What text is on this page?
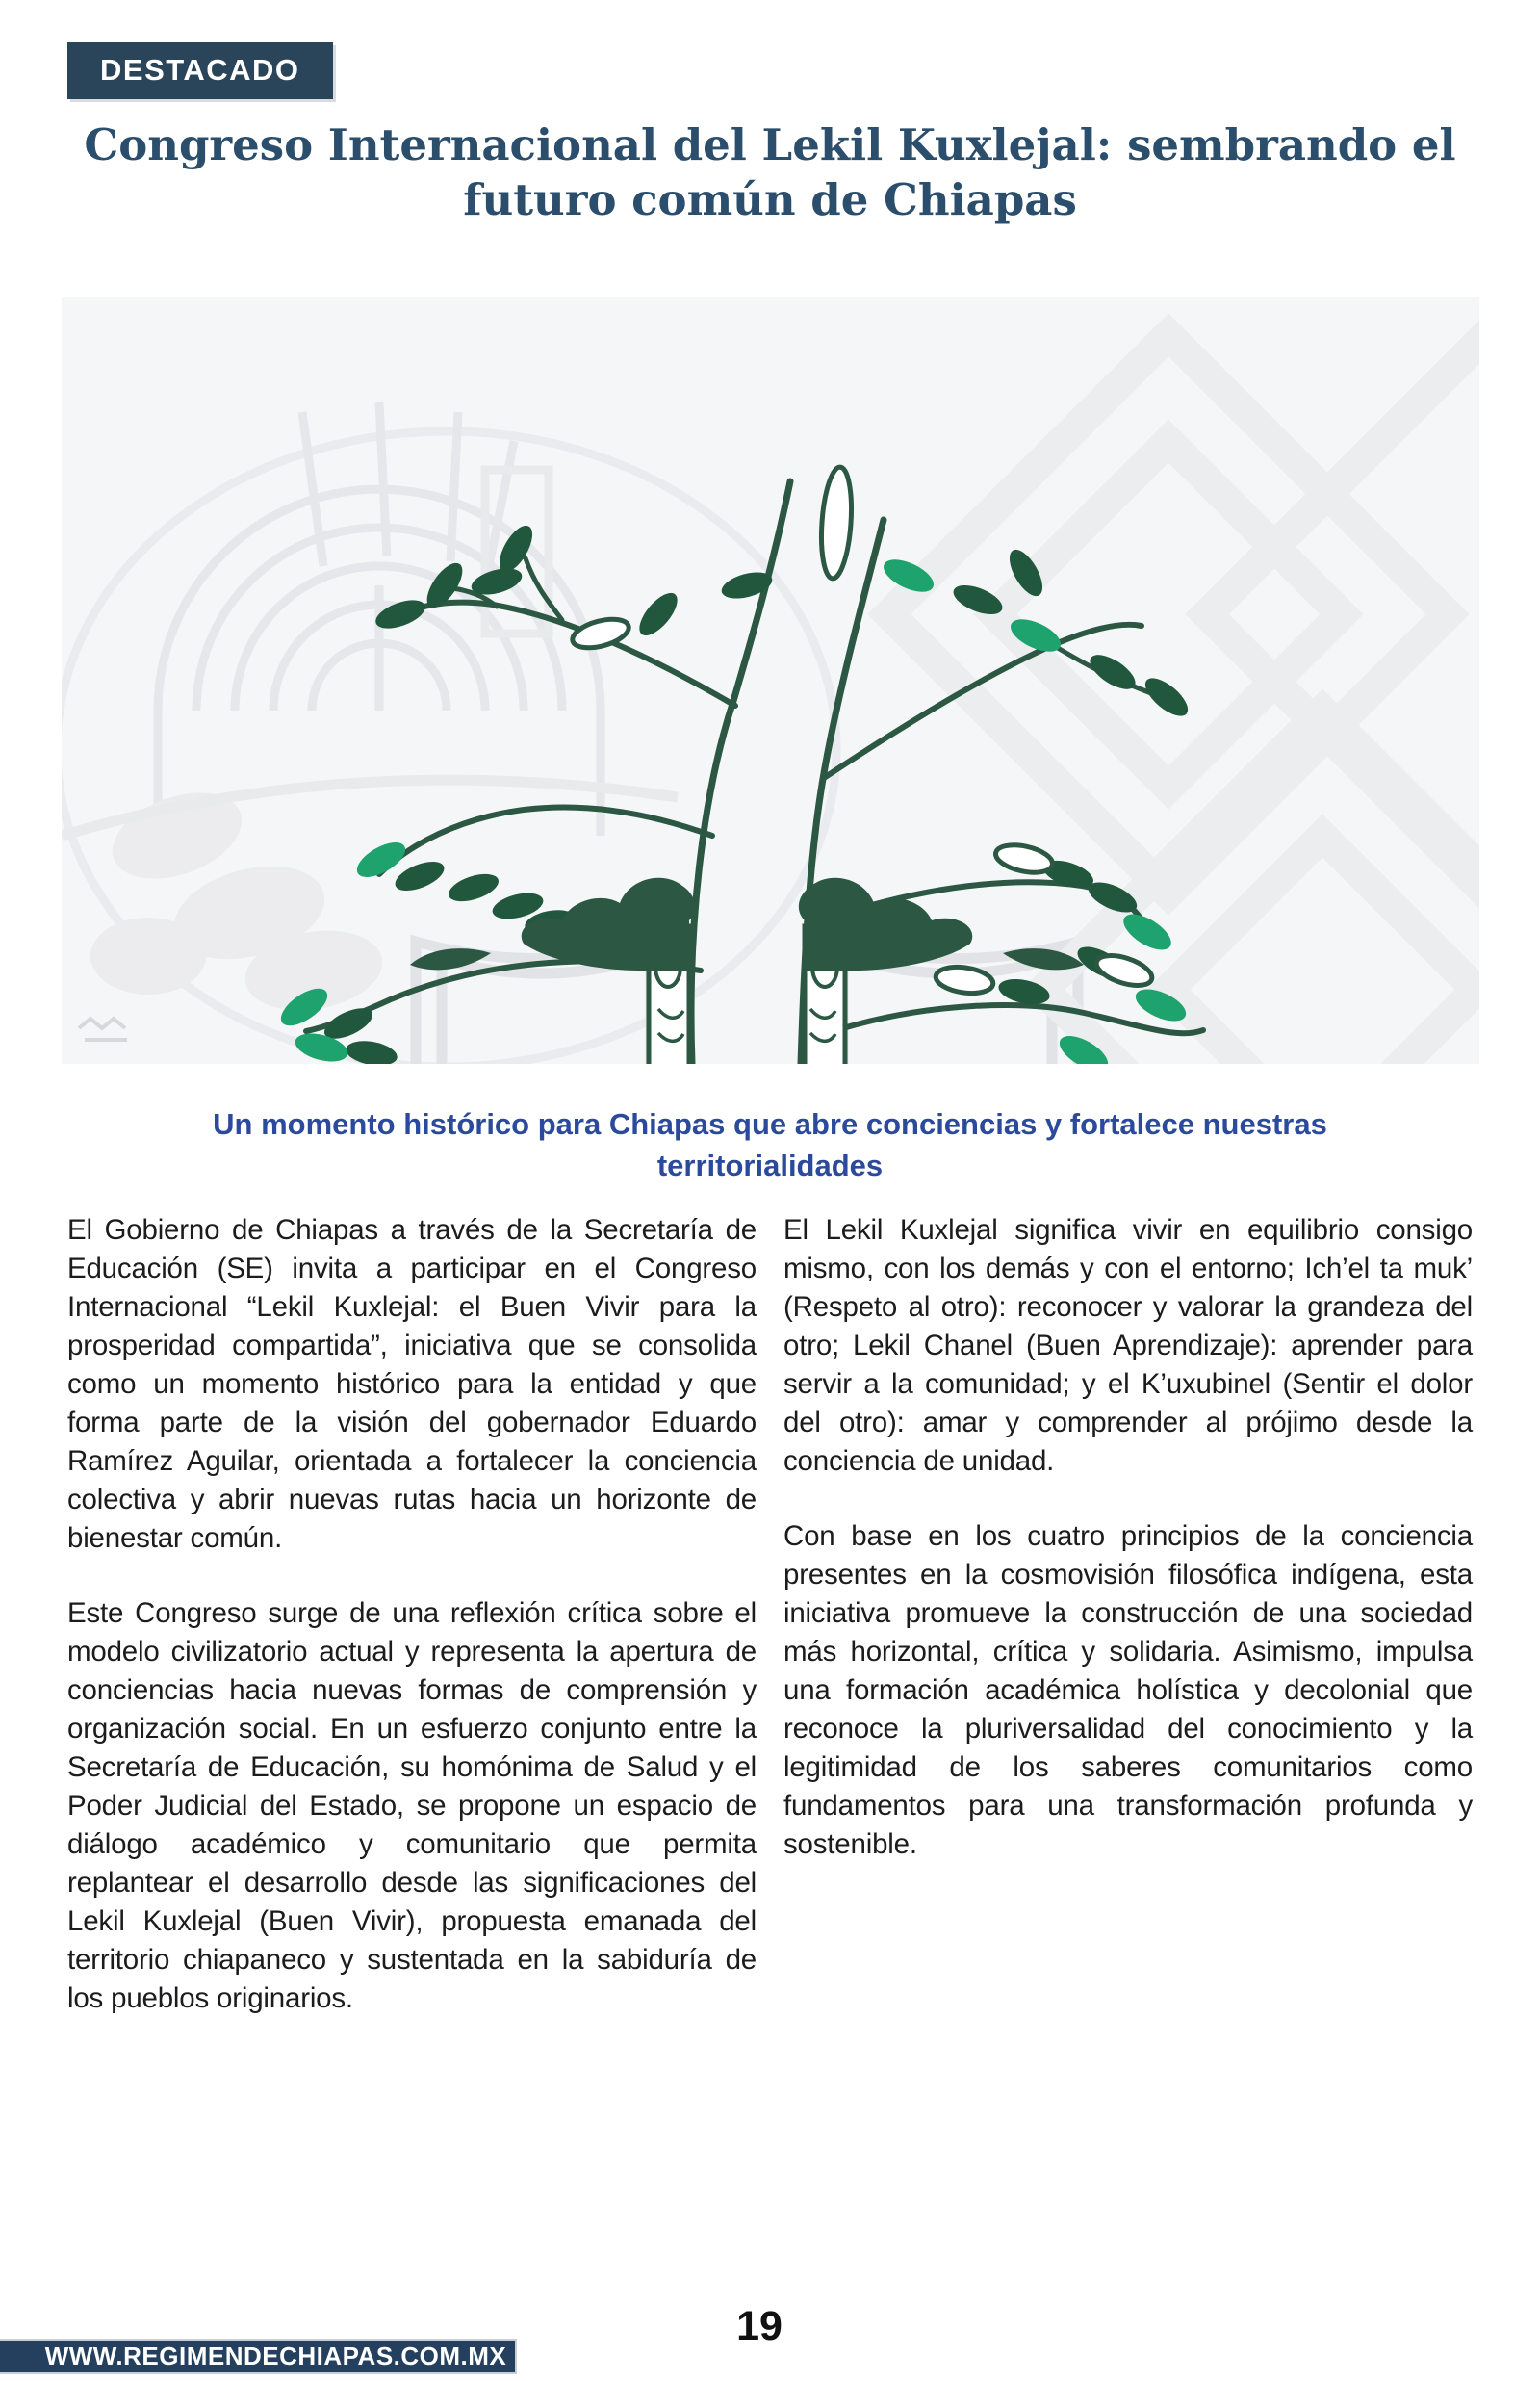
DESTACADO
Congreso Internacional del Lekil Kuxlejal: sembrando el
futuro común de Chiapas
Un momento histórico para Chiapas que abre conciencias y fortalece nuestras
territorialidades

El Gobierno de Chiapas a través de la Secretaría de Educación (SE) invita a participar en el Congreso Internacional “Lekil Kuxlejal: el Buen Vivir para la prosperidad compartida”, iniciativa que se consolida como un momento histórico para la entidad y que forma parte de la visión del gobernador Eduardo Ramírez Aguilar, orientada a fortalecer la conciencia colectiva y abrir nuevas rutas hacia un horizonte de bienestar común.

Este Congreso surge de una reflexión crítica sobre el modelo civilizatorio actual y representa la apertura de conciencias hacia nuevas formas de comprensión y organización social. En un esfuerzo conjunto entre la Secretaría de Educación, su homónima de Salud y el Poder Judicial del Estado, se propone un espacio de diálogo académico y comunitario que permita replantear el desarrollo desde las significaciones del Lekil Kuxlejal (Buen Vivir), propuesta emanada del territorio chiapaneco y sustentada en la sabiduría de los pueblos originarios.

El Lekil Kuxlejal significa vivir en equilibrio consigo mismo, con los demás y con el entorno; Ich’el ta muk’ (Respeto al otro): reconocer y valorar la grandeza del otro; Lekil Chanel (Buen Aprendizaje): aprender para servir a la comunidad; y el K’uxubinel (Sentir el dolor del otro): amar y comprender al prójimo desde la conciencia de unidad.

Con base en los cuatro principios de la conciencia presentes en la cosmovisión filosófica indígena, esta iniciativa promueve la construcción de una sociedad más horizontal, crítica y solidaria. Asimismo, impulsa una formación académica holística y decolonial que reconoce la pluriversalidad del conocimiento y la legitimidad de los saberes comunitarios como fundamentos para una transformación profunda y sostenible.

19
WWW.REGIMENDECHIAPAS.COM.MX
